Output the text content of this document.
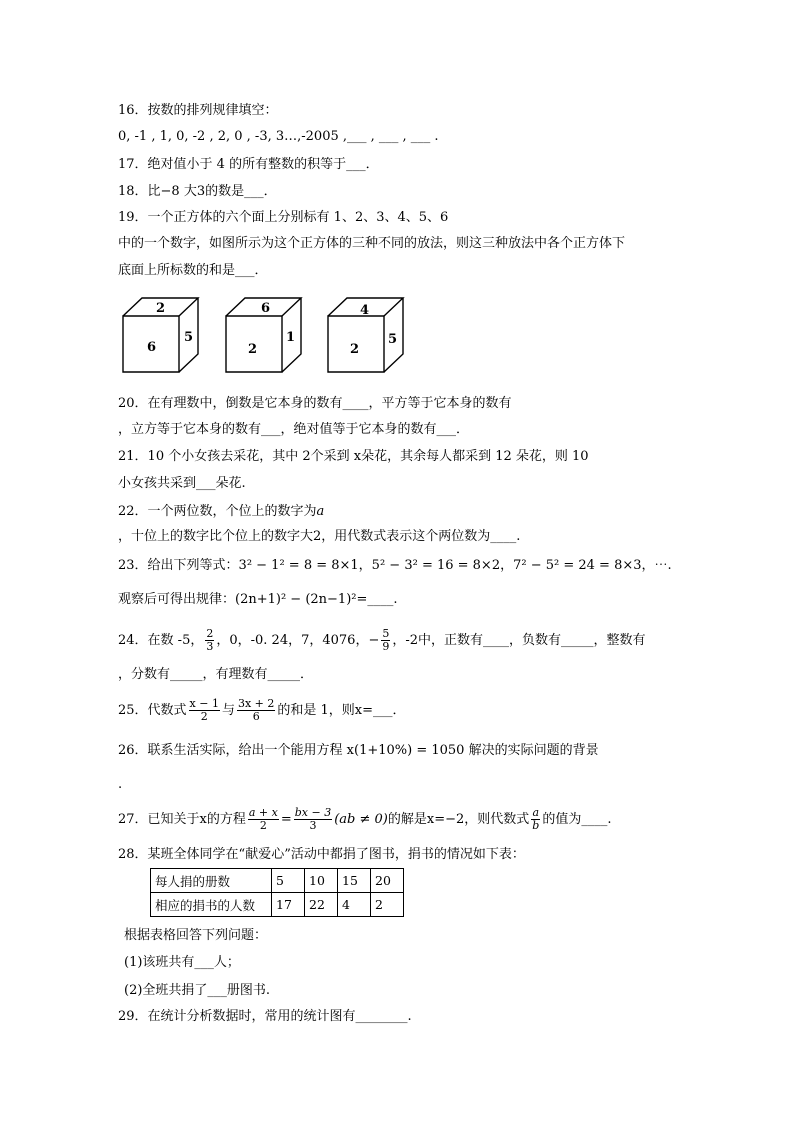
16．按数的排列规律填空：
0, -1 , 1, 0, -2 , 2, 0 , -3, 3…,-2005 ,___ , ___ , ___ .
17．绝对值小于 4 的所有整数的积等于___．
18．比−8 大3的数是___．
19．一个正方体的六个面上分别标有 1、2、3、4、5、6
中的一个数字，如图所示为这个正方体的三种不同的放法，则这三种放法中各个正方体下
底面上所标数的和是___．
2
6
5
6
2
1
4
2
5
20．在有理数中，倒数是它本身的数有____，平方等于它本身的数有
，立方等于它本身的数有___，绝对值等于它本身的数有___．
21．10 个小女孩去采花，其中 2个采到 x朵花，其余每人都采到 12 朵花，则 10
小女孩共采到___朵花.
22．一个两位数，个位上的数字为a
，十位上的数字比个位上的数字大2，用代数式表示这个两位数为____.
23．给出下列等式：3² − 1² = 8 = 8×1，5² − 3² = 16 = 8×2，7² − 5² = 24 = 8×3，⋯.
观察后可得出规律：(2n+1)² − (2n−1)²=____.
24．在数 -5， $\frac{2}{3}$ ，0，-0. 24，7，4076，− $\frac{5}{9}$ ，-2中，正数有____，负数有_____，整数有
，分数有_____，有理数有_____．
25．代数式 $\frac{x - 1}{2}$ 与 $\frac{3x + 2}{6}$ 的和是 1，则x=___．
26．联系生活实际，给出一个能用方程 x(1+10%) = 1050 解决的实际问题的背景
.
27．已知关于x的方程 $\frac{a + x}{2} = \frac{bx - 3}{3} (ab \ne 0)$的解是x=−2，则代数式 $\frac{a}{b}$ 的值为____.
28．某班全体同学在“献爱心”活动中都捐了图书，捐书的情况如下表：
每人捐的册数	5	10	15	20
相应的捐书的人数	17	22	4	2
根据表格回答下列问题：
(1)该班共有___人；
(2)全班共捐了___册图书.
29．在统计分析数据时，常用的统计图有________.
